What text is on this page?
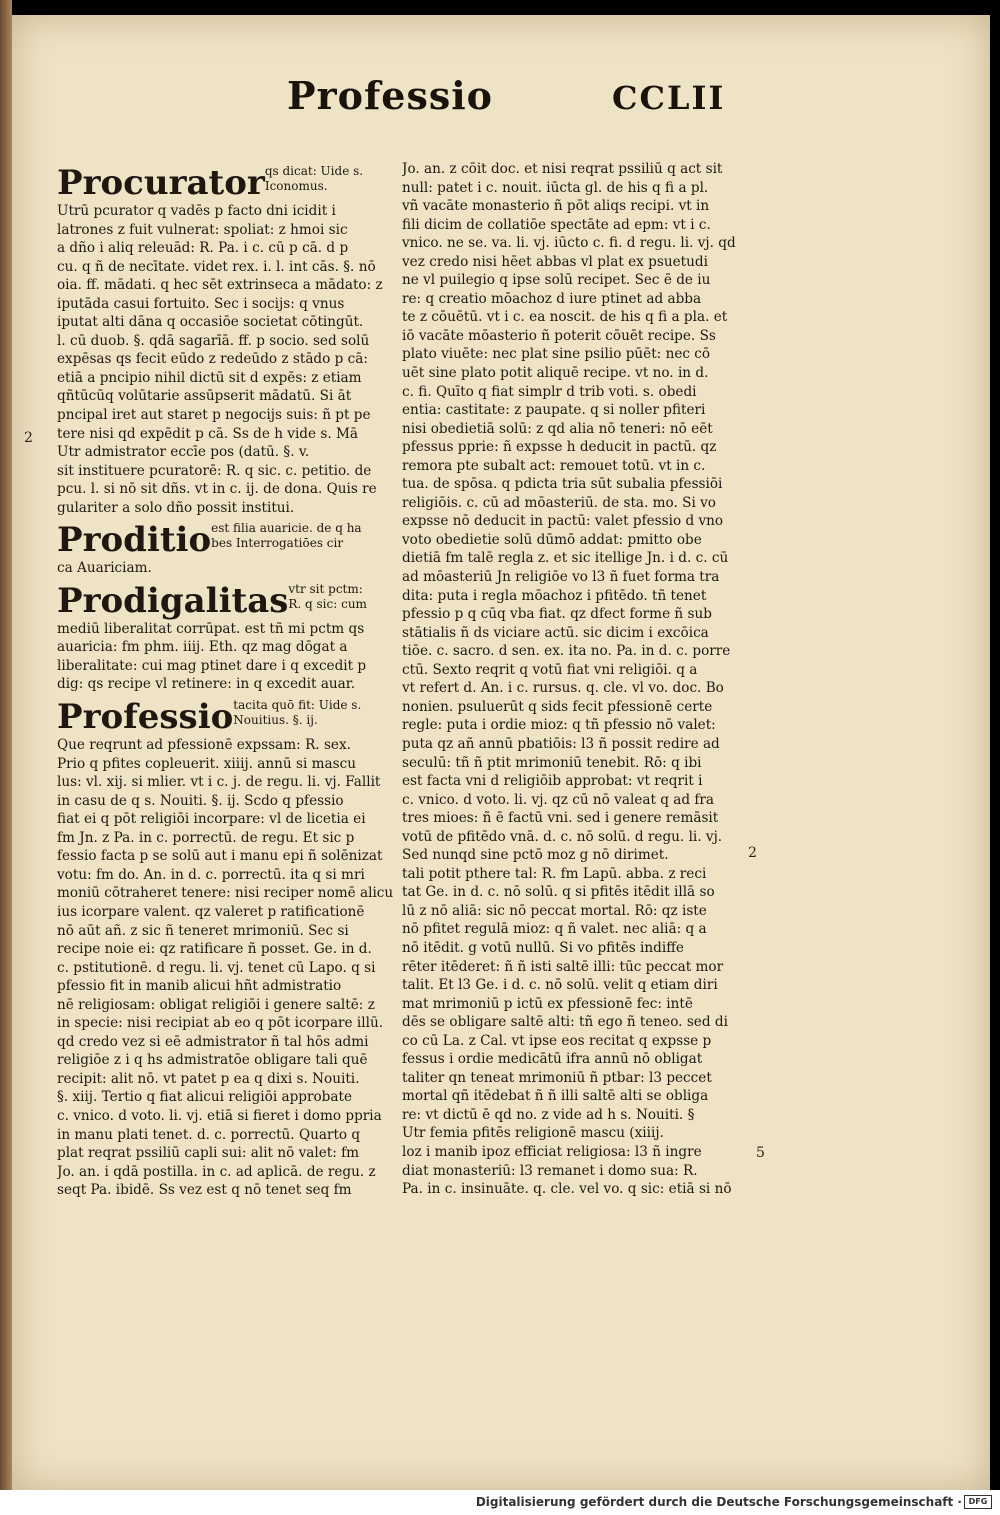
Professio	CCLII
Procurator qs dicat: Uide s.
Iconomus.
Utrū pcurator q vadēs p facto dni icidit i
latrones z fuit vulnerat: spoliat: z hmoi sic
a dño i aliq releuād: R. Pa. i c. cū p cā. d p
cu. q ñ de necītate. videt rex. i. l. int cās. §. nō
oia. ff. mādati. q hec sēt extrinseca a mādato: z
iputāda casui fortuito. Sec i socijs: q vnus
iputat alti dāna q occasiōe societat cōtingūt.
l. cū duob. §. qdā sagarīā. ff. p socio. sed solū
expēsas qs fecit eūdo z redeūdo z stādo p cā:
etiā a pncipio nihil dictū sit d expēs: z etiam
qñtūcūq volūtarie assūpserit mādatū. Si āt
pncipal iret aut staret p negocijs suis: ñ pt pe
tere nisi qd expēdit p cā. Ss de h vide s. Mā
Utr admistrator eccīe pos (datū. §. v.
sit instituere pcuratorē: R. q sic. c. petitio. de
pcu. l. si nō sit dñs. vt in c. ij. de dona. Quis re
gulariter a solo dño possit institui.
Proditio est filia auaricie. de q ha
bes Interrogatiōes cir
ca Auariciam.
Prodigalitas vtr sit pctm:
R. q sic: cum
mediū liberalitat corrūpat. est tñ mi pctm qs
auaricia: fm phm. iiij. Eth. qz mag dōgat a
liberalitate: cui mag ptinet dare i q excedit p
dig: qs recipe vl retinere: in q excedit auar.
Professio tacita quō fit: Uide s.
Nouitius. §. ij.
Que reqrunt ad pfessionē expssam: R. sex.
Prio q pfites copleuerit. xiiij. annū si mascu
lus: vl. xij. si mlier. vt i c. j. de regu. li. vj. Fallit
in casu de q s. Nouiti. §. ij. Scdo q pfessio
fiat ei q pōt religiōi incorpare: vl de licetia ei
fm Jn. z Pa. in c. porrectū. de regu. Et sic p
fessio facta p se solū aut i manu epi ñ solēnizat
votu: fm do. An. in d. c. porrectū. ita q si mri
moniū cōtraheret tenere: nisi reciper nomē alicu
ius icorpare valent. qz valeret p ratificationē
nō aūt añ. z sic ñ teneret mrimoniū. Sec si
recipe noie ei: qz ratificare ñ posset. Ge. in d.
c. pstitutionē. d regu. li. vj. tenet cū Lapo. q si
pfessio fit in manib alicui hñt admistratio
nē religiosam: obligat religiōi i genere saltē: z
in specie: nisi recipiat ab eo q pōt icorpare illū.
qd credo vez si eē admistrator ñ tal hōs admi
religiōe z i q hs admistratōe obligare tali quē
recipit: alit nō. vt patet p ea q dixi s. Nouiti.
§. xiij. Tertio q fiat alicui religiōi approbate
c. vnico. d voto. li. vj. etiā si fieret i domo ppria
in manu plati tenet. d. c. porrectū. Quarto q
plat reqrat pssiliū capli sui: alit nō valet: fm
Jo. an. i qdā postilla. in c. ad aplicā. de regu. z
seqt Pa. ibidē. Ss vez est q nō tenet seq fm
Jo. an. z cōit doc. et nisi reqrat pssiliū q act sit
null: patet i c. nouit. iūcta gl. de his q fi a pl.
vñ vacāte monasterio ñ pōt aliqs recipi. vt in
fili dicim de collatiōe spectāte ad epm: vt i c.
vnico. ne se. va. li. vj. iūcto c. fi. d regu. li. vj. qd
vez credo nisi hēet abbas vl plat ex psuetudi
ne vl puilegio q ipse solū recipet. Sec ē de iu
re: q creatio mōachoz d iure ptinet ad abba
te z cōuētū. vt i c. ea noscit. de his q fi a pla. et
iō vacāte mōasterio ñ poterit cōuēt recipe. Ss
plato viuēte: nec plat sine psilio pūēt: nec cō
uēt sine plato potit aliquē recipe. vt no. in d.
c. fi. Quīto q fiat simplr d trib voti. s. obedi
entia: castitate: z paupate. q si noller pfiteri
nisi obedietiā solū: z qd alia nō teneri: nō eēt
pfessus pprie: ñ expsse h deducit in pactū. qz
remora pte subalt act: remouet totū. vt in c.
tua. de spōsa. q pdicta tria sūt subalia pfessiōi
religiōis. c. cū ad mōasteriū. de sta. mo. Si vo
expsse nō deducit in pactū: valet pfessio d vno
voto obedietie solū dūmō addat: pmitto obe
dietiā fm talē regla z. et sic itellige Jn. i d. c. cū
ad mōasteriū Jn religiōe vo l3 ñ fuet forma tra
dita: puta i regla mōachoz i pfitēdo. tñ tenet
pfessio p q cūq vba fiat. qz dfect forme ñ sub
stātialis ñ ds viciare actū. sic dicim i excōica
tiōe. c. sacro. d sen. ex. ita no. Pa. in d. c. porre
ctū. Sexto reqrit q votū fiat vni religiōi. q a
vt refert d. An. i c. rursus. q. cle. vl vo. doc. Bo
nonien. psuluerūt q sids fecit pfessionē certe
regle: puta i ordie mioz: q tñ pfessio nō valet:
puta qz añ annū pbatiōis: l3 ñ possit redire ad
seculū: tñ ñ ptit mrimoniū tenebit. Rō: q ibi
est facta vni d religiōib approbat: vt reqrit i
c. vnico. d voto. li. vj. qz cū nō valeat q ad fra
tres mioes: ñ ē factū vni. sed i genere remāsit
votū de pfitēdo vnā. d. c. nō solū. d regu. li. vj.
Sed nunqd sine pctō moz g nō dirimet.
tali potit pthere tal: R. fm Lapū. abba. z reci
tat Ge. in d. c. nō solū. q si pfitēs itēdit illā so
lū z nō aliā: sic nō peccat mortal. Rō: qz iste
nō pfitet regulā mioz: q ñ valet. nec aliā: q a
nō itēdit. g votū nullū. Si vo pfitēs indiffe
rēter itēderet: ñ ñ isti saltē illi: tūc peccat mor
talit. Et l3 Ge. i d. c. nō solū. velit q etiam diri
mat mrimoniū p ictū ex pfessionē fec: intē
dēs se obligare saltē alti: tñ ego ñ teneo. sed di
co cū La. z Cal. vt ipse eos recitat q expsse p
fessus i ordie medicātū ifra annū nō obligat
taliter qn teneat mrimoniū ñ ptbar: l3 peccet
mortal qñ itēdebat ñ ñ illi saltē alti se obliga
re: vt dictū ē qd no. z vide ad h s. Nouiti. §
Utr femia pfitēs religionē mascu (xiiij.
loz i manib ipoz efficiat religiosa: l3 ñ ingre
diat monasteriū: l3 remanet i domo sua: R.
Pa. in c. insinuāte. q. cle. vel vo. q sic: etiā si nō
2
2
5
Digitalisierung gefördert durch die Deutsche Forschungsgemeinschaft · DFG
